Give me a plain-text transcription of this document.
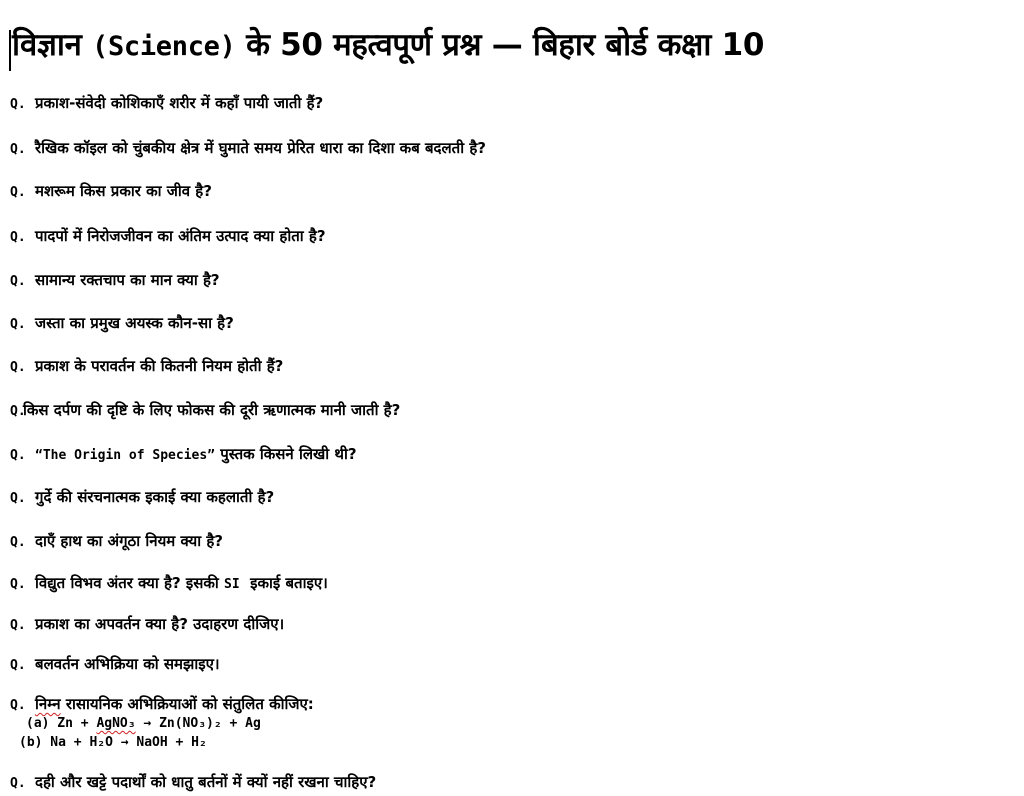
विज्ञान (Science) के 50 महत्वपूर्ण प्रश्न — बिहार बोर्ड कक्षा 10
Q. प्रकाश-संवेदी कोशिकाएँ शरीर में कहाँ पायी जाती हैं?
Q. रैखिक कॉइल को चुंबकीय क्षेत्र में घुमाते समय प्रेरित धारा का दिशा कब बदलती है?
Q. मशरूम किस प्रकार का जीव है?
Q. पादपों में निरोजजीवन का अंतिम उत्पाद क्या होता है?
Q. सामान्य रक्तचाप का मान क्या है?
Q. जस्ता का प्रमुख अयस्क कौन-सा है?
Q. प्रकाश के परावर्तन की कितनी नियम होती हैं?
Q.किस दर्पण की दृष्टि के लिए फोकस की दूरी ऋणात्मक मानी जाती है?
Q. “The Origin of Species” पुस्तक किसने लिखी थी?
Q. गुर्दे की संरचनात्मक इकाई क्या कहलाती है?
Q. दाएँ हाथ का अंगूठा नियम क्या है?
Q. विद्युत विभव अंतर क्या है? इसकी SI  इकाई बताइए।
Q. प्रकाश का अपवर्तन क्या है? उदाहरण दीजिए।
Q. बलवर्तन अभिक्रिया को समझाइए।
Q. निम्न रासायनिक अभिक्रियाओं को संतुलित कीजिए:
(a) Zn + AgNO₃ → Zn(NO₃)₂ + Ag
(b) Na + H₂O → NaOH + H₂
Q. दही और खट्टे पदार्थों को धातु बर्तनों में क्यों नहीं रखना चाहिए?
